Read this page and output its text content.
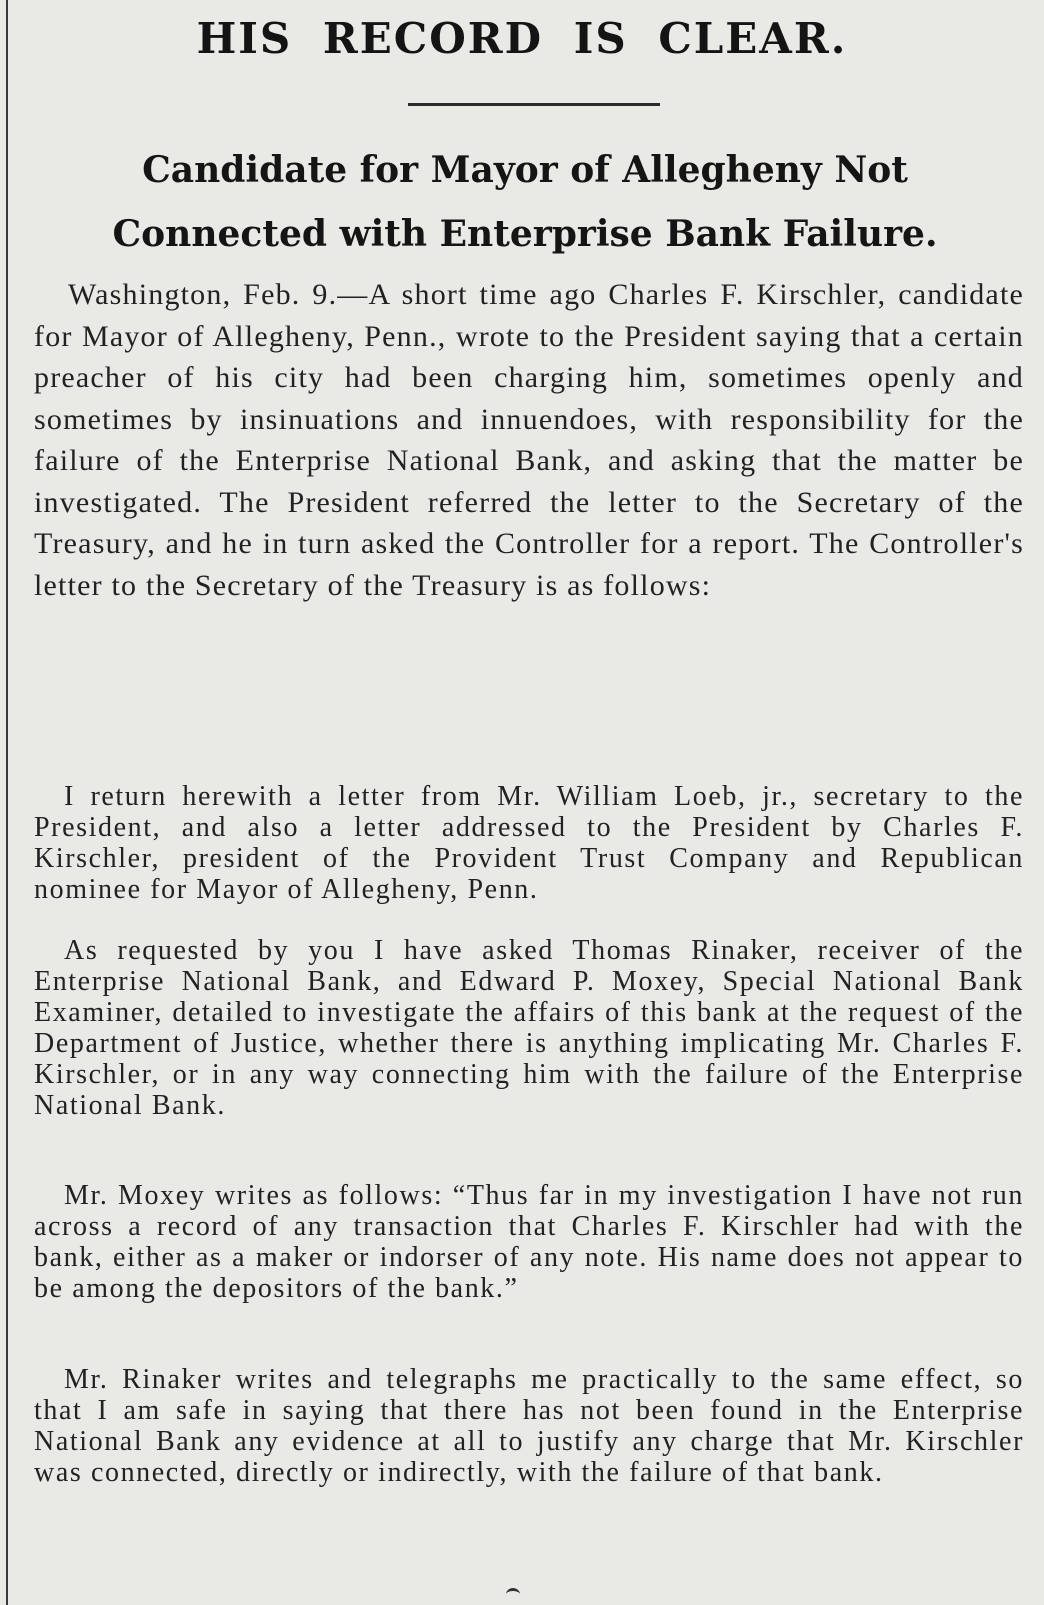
HIS RECORD IS CLEAR.
Candidate for Mayor of Allegheny Not Connected with Enterprise Bank Failure.

Washington, Feb. 9.—A short time ago Charles F. Kirschler, candidate for Mayor of Allegheny, Penn., wrote to the President saying that a certain preacher of his city had been charging him, sometimes openly and sometimes by insinuations and innuendoes, with responsibility for the failure of the Enterprise National Bank, and asking that the matter be investigated. The President referred the letter to the Secretary of the Treasury, and he in turn asked the Controller for a report. The Controller's letter to the Secretary of the Treasury is as follows:

I return herewith a letter from Mr. William Loeb, jr., secretary to the President, and also a letter addressed to the President by Charles F. Kirschler, president of the Provident Trust Company and Republican nominee for Mayor of Allegheny, Penn.

As requested by you I have asked Thomas Rinaker, receiver of the Enterprise National Bank, and Edward P. Moxey, Special National Bank Examiner, detailed to investigate the affairs of this bank at the request of the Department of Justice, whether there is anything implicating Mr. Charles F. Kirschler, or in any way connecting him with the failure of the Enterprise National Bank.

Mr. Moxey writes as follows: “Thus far in my investigation I have not run across a record of any transaction that Charles F. Kirschler had with the bank, either as a maker or indorser of any note. His name does not appear to be among the depositors of the bank.”

Mr. Rinaker writes and telegraphs me practically to the same effect, so that I am safe in saying that there has not been found in the Enterprise National Bank any evidence at all to justify any charge that Mr. Kirschler was connected, directly or indirectly, with the failure of that bank.
